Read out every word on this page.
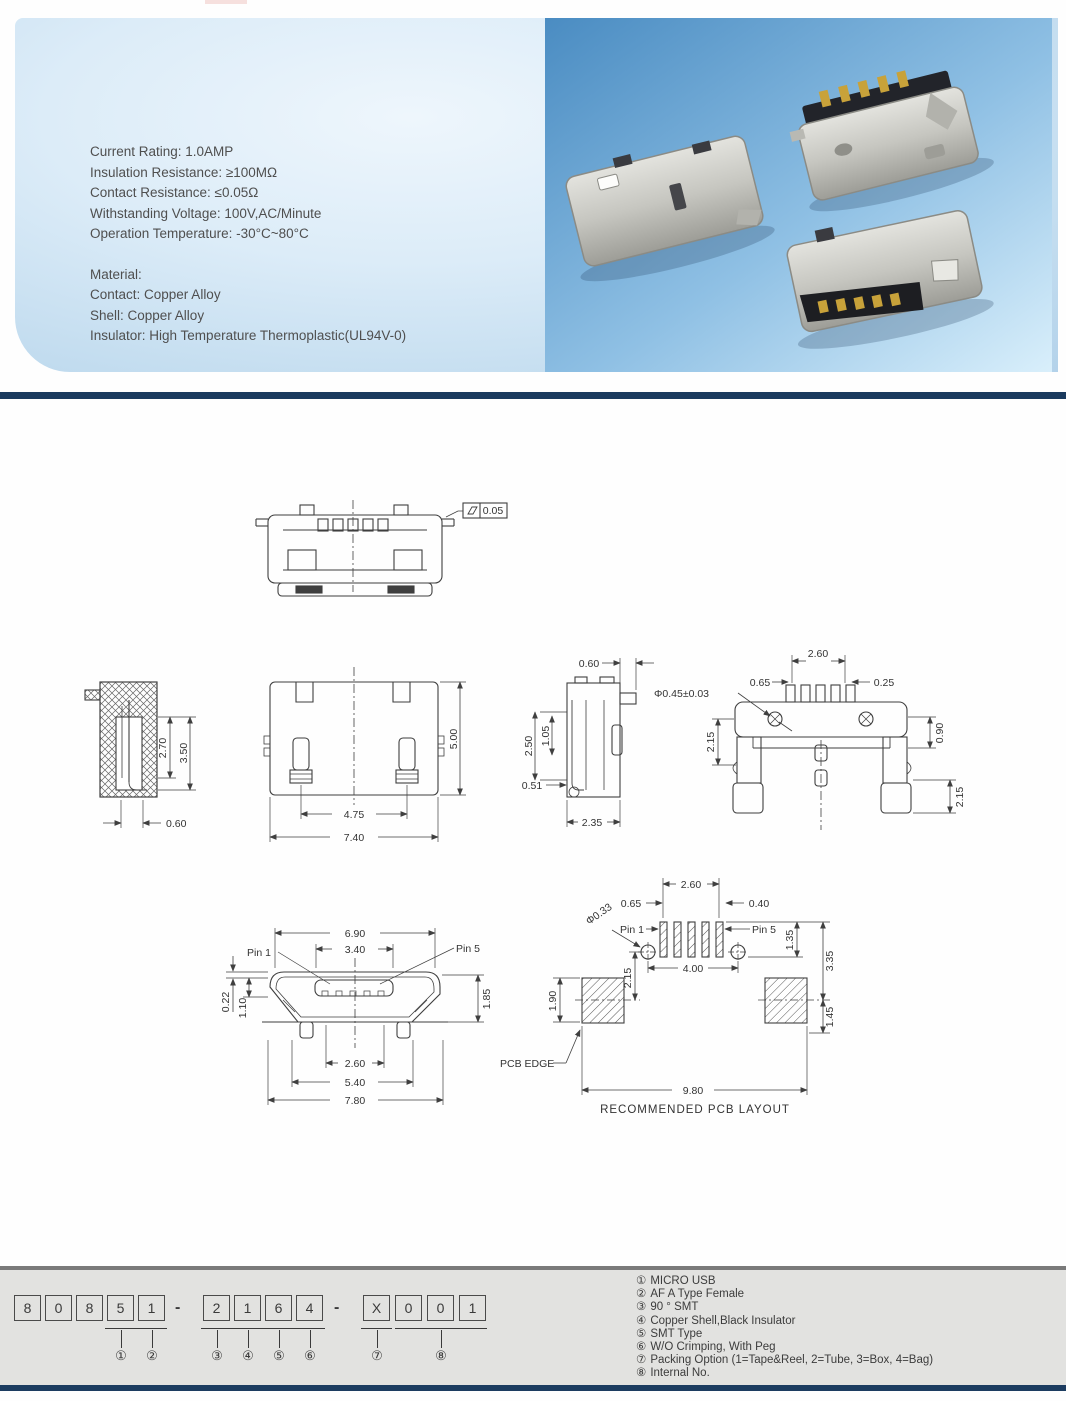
Current Rating: 1.0AMP
Insulation Resistance: ≥100MΩ
Contact Resistance: ≤0.05Ω
Withstanding Voltage: 100V,AC/Minute
Operation Temperature: -30°C~80°C
Material:
Contact: Copper Alloy
Shell: Copper Alloy
Insulator: High Temperature Thermoplastic(UL94V-0)
0.05
2.70 3.50
0.60
5.00
4.75
7.40
0.60
2.50 1.05
0.51
2.35
2.60
0.65	0.25
Φ0.45±0.03
0.90
2.15
2.15
Pin 1	Pin 5
6.90
3.40
0.22 1.10	1.85
2.60
5.40
7.80
2.60
0.65	0.40
Φ0.33
Pin 1	Pin 5 1.35
3.35
4.00
2.15
1.90
1.45
9.80
PCB EDGE
RECOMMENDED PCB LAYOUT
8	0	8	5	1	-	2	1	6	4	-	X	0	0	1
① ②	③ ④ ⑤ ⑥	⑦	⑧
① MICRO USB
② AF A Type Female
③ 90 ° SMT
④ Copper Shell,Black Insulator
⑤ SMT Type
⑥ W/O Crimping, With Peg
⑦ Packing Option (1=Tape&Reel, 2=Tube, 3=Box, 4=Bag)
⑧ Internal No.
